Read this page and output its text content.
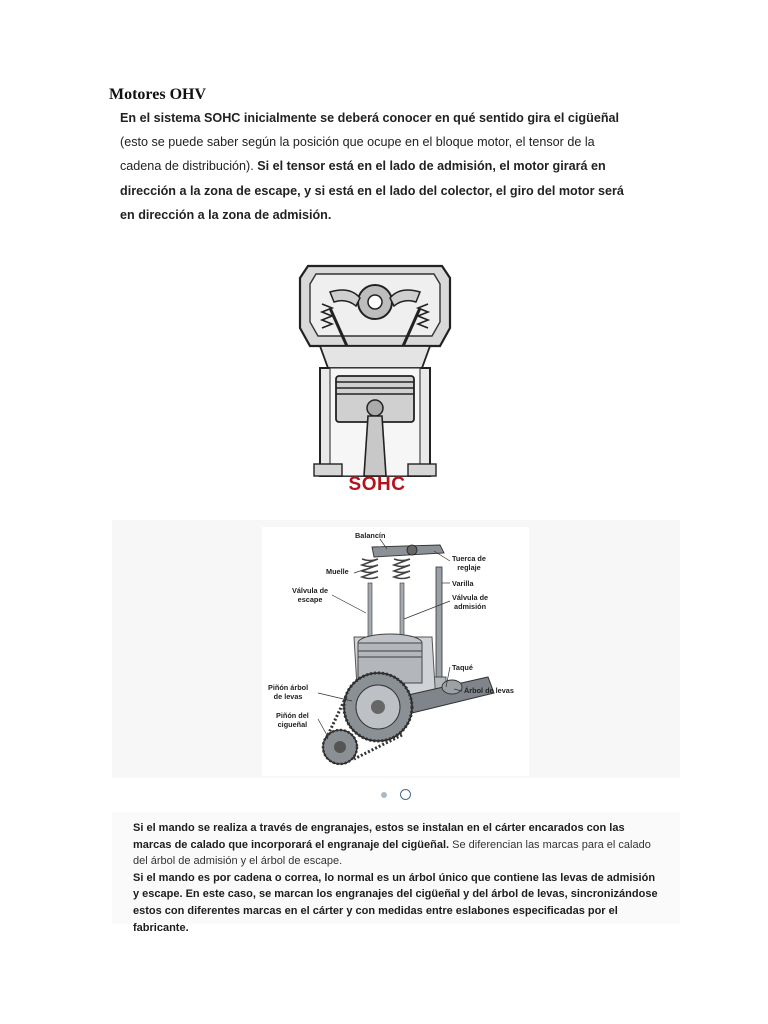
Motores OHV
En el sistema SOHC inicialmente se deberá conocer en qué sentido gira el cigüeñal (esto se puede saber según la posición que ocupe en el bloque motor, el tensor de la cadena de distribución). Si el tensor está en el lado de admisión, el motor girará en dirección a la zona de escape, y si está en el lado del colector, el giro del motor será en dirección a la zona de admisión.
SOHC
Balancín
Muelle
Válvula de
escape
Tuerca de
reglaje
Varilla
Válvula de
admisión
Taqué
Árbol de levas
Piñón árbol
de levas
Piñón del
cigueñal
Si el mando se realiza a través de engranajes, estos se instalan en el cárter encarados con las marcas de calado que incorporará el engranaje del cigüeñal. Se diferencian las marcas para el calado del árbol de admisión y el árbol de escape.
Si el mando es por cadena o correa, lo normal es un árbol único que contiene las levas de admisión y escape. En este caso, se marcan los engranajes del cigüeñal y del árbol de levas, sincronizándose estos con diferentes marcas en el cárter y con medidas entre eslabones especificadas por el fabricante.
